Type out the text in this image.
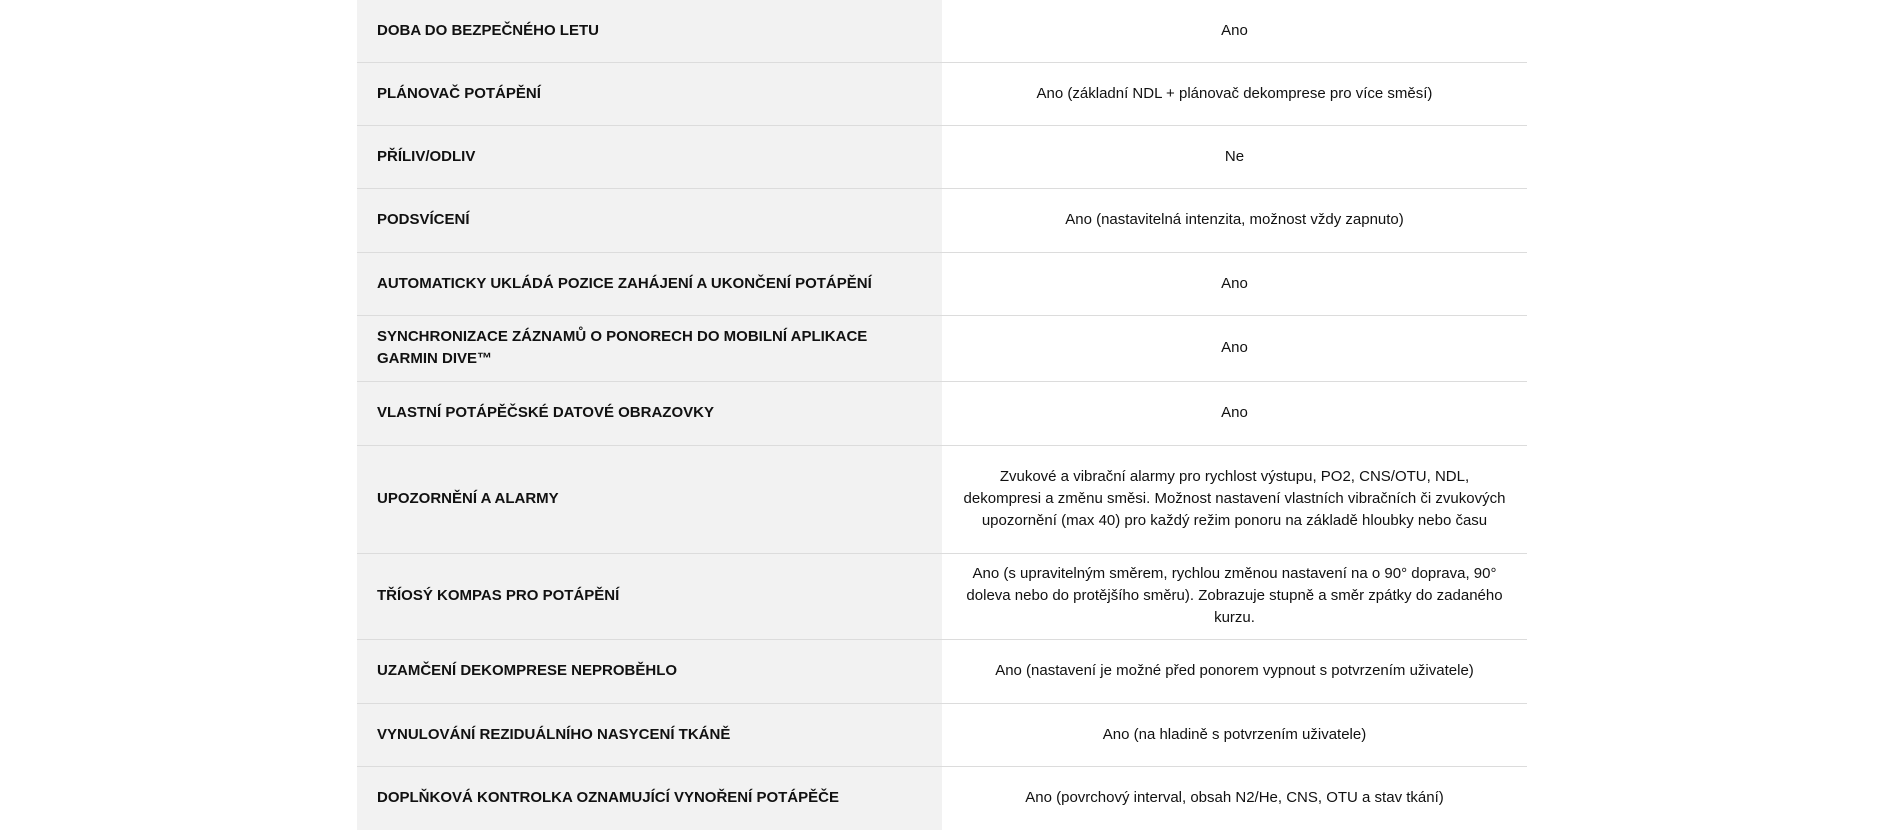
DOBA DO BEZPEČNÉHO LETU	Ano

PLÁNOVAČ POTÁPĚNÍ	Ano (základní NDL + plánovač dekomprese pro více směsí)

PŘÍLIV/ODLIV	Ne

PODSVÍCENÍ	Ano (nastavitelná intenzita, možnost vždy zapnuto)

AUTOMATICKY UKLÁDÁ POZICE ZAHÁJENÍ A UKONČENÍ POTÁPĚNÍ	Ano

SYNCHRONIZACE ZÁZNAMŮ O PONORECH DO MOBILNÍ APLIKACE GARMIN DIVE™	Ano

VLASTNÍ POTÁPĚČSKÉ DATOVÉ OBRAZOVKY	Ano

UPOZORNĚNÍ A ALARMY	Zvukové a vibrační alarmy pro rychlost výstupu, PO2, CNS/OTU, NDL, dekompresi a změnu směsi. Možnost nastavení vlastních vibračních či zvukových upozornění (max 40) pro každý režim ponoru na základě hloubky nebo času

TŘÍOSÝ KOMPAS PRO POTÁPĚNÍ	Ano (s upravitelným směrem, rychlou změnou nastavení na o 90° doprava, 90° doleva nebo do protějšího směru). Zobrazuje stupně a směr zpátky do zadaného kurzu.

UZAMČENÍ DEKOMPRESE NEPROBĚHLO	Ano (nastavení je možné před ponorem vypnout s potvrzením uživatele)

VYNULOVÁNÍ REZIDUÁLNÍHO NASYCENÍ TKÁNĚ	Ano (na hladině s potvrzením uživatele)

DOPLŇKOVÁ KONTROLKA OZNAMUJÍCÍ VYNOŘENÍ POTÁPĚČE	Ano (povrchový interval, obsah N2/He, CNS, OTU a stav tkání)
